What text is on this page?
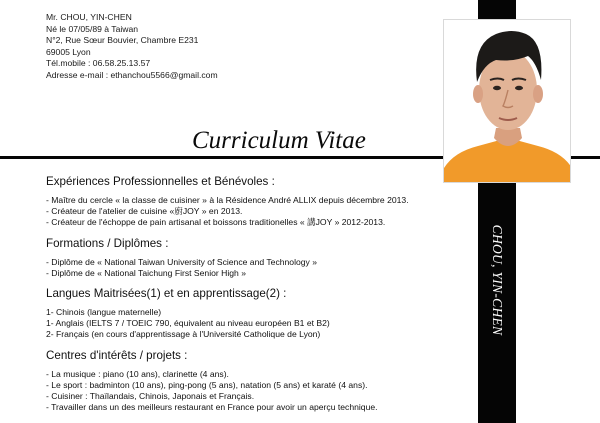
Mr. CHOU, YIN-CHEN
Né le 07/05/89 à Taiwan
N°2, Rue Sœur Bouvier, Chambre E231
69005 Lyon
Tél.mobile : 06.58.25.13.57
Adresse e-mail : ethanchou5566@gmail.com
Curriculum Vitae
CHOU, YIN-CHEN
Expériences Professionnelles et Bénévoles :
- Maître du cercle « la classe de cuisiner » à la Résidence André ALLIX depuis décembre 2013.
- Créateur de l'atelier de cuisine «廚JOY » en 2013.
- Créateur de l'échoppe de pain artisanal et boissons traditionelles « 講JOY » 2012-2013.
Formations / Diplômes :
- Diplôme de « National Taiwan University of Science and Technology »
- Diplôme de « National Taichung First Senior High »
Langues Maitrisées(1) et en apprentissage(2) :
1- Chinois (langue maternelle)
1- Anglais (IELTS 7 / TOEIC 790, équivalent au niveau européen B1 et B2)
2- Français (en cours d'apprentissage à l'Université Catholique de Lyon)
Centres d'intérêts / projets :
- La musique : piano (10 ans), clarinette (4 ans).
- Le sport : badminton (10 ans), ping-pong (5 ans), natation (5 ans) et karaté (4 ans).
- Cuisiner : Thaïlandais, Chinois, Japonais et Français.
- Travailler dans un des meilleurs restaurant en France pour avoir un aperçu technique.
